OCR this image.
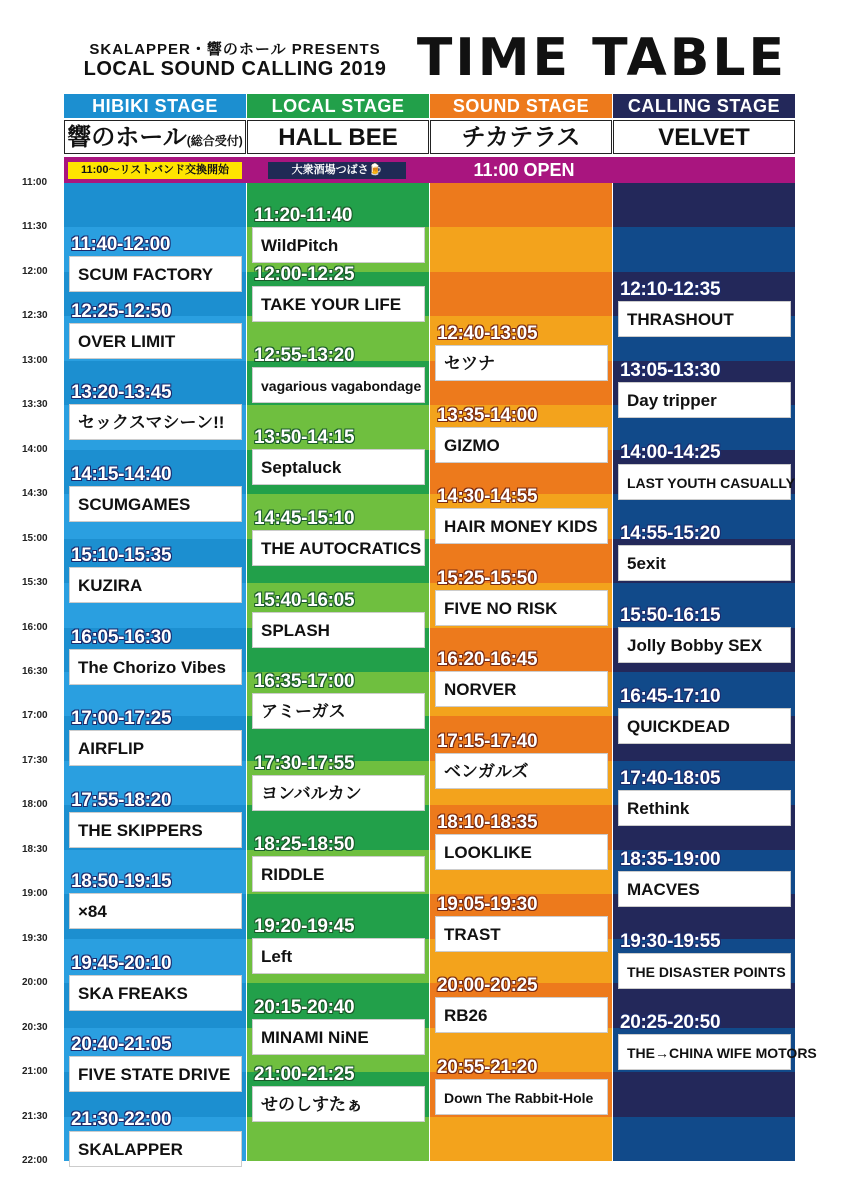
SKALAPPER・響のホール PRESENTS
LOCAL SOUND CALLING 2019 TIME TABLE
HIBIKI STAGE
響のホール(総合受付)
LOCAL STAGE
HALL BEE
SOUND STAGE
チカテラス
CALLING STAGE
VELVET
11:00〜リストバンド交換開始	大衆酒場つばさ🍺	11:00 OPEN
11:00
11:30
12:00
12:30
13:00
13:30
14:00
14:30
15:00
15:30
16:00
16:30
17:00
17:30
18:00
18:30
19:00
19:30
20:00
20:30
21:00
21:30
22:00
11:40-12:00
SCUM FACTORY
12:25-12:50
OVER LIMIT
13:20-13:45
セックスマシーン!!
14:15-14:40
SCUMGAMES
15:10-15:35
KUZIRA
16:05-16:30
The Chorizo Vibes
17:00-17:25
AIRFLIP
17:55-18:20
THE SKIPPERS
18:50-19:15
×84
19:45-20:10
SKA FREAKS
20:40-21:05
FIVE STATE DRIVE
21:30-22:00
SKALAPPER
11:20-11:40
WildPitch
12:00-12:25
TAKE YOUR LIFE
12:55-13:20
vagarious vagabondage
13:50-14:15
Septaluck
14:45-15:10
THE AUTOCRATICS
15:40-16:05
SPLASH
16:35-17:00
アミーガス
17:30-17:55
ヨンバルカン
18:25-18:50
RIDDLE
19:20-19:45
Left
20:15-20:40
MINAMI NiNE
21:00-21:25
せのしすたぁ
12:40-13:05
セツナ
13:35-14:00
GIZMO
14:30-14:55
HAIR MONEY KIDS
15:25-15:50
FIVE NO RISK
16:20-16:45
NORVER
17:15-17:40
ベンガルズ
18:10-18:35
LOOKLIKE
19:05-19:30
TRAST
20:00-20:25
RB26
20:55-21:20
Down The Rabbit-Hole
12:10-12:35
THRASHOUT
13:05-13:30
Day tripper
14:00-14:25
LAST YOUTH CASUALLY
14:55-15:20
5exit
15:50-16:15
Jolly Bobby SEX
16:45-17:10
QUICKDEAD
17:40-18:05
Rethink
18:35-19:00
MACVES
19:30-19:55
THE DISASTER POINTS
20:25-20:50
THE→CHINA WIFE MOTORS
